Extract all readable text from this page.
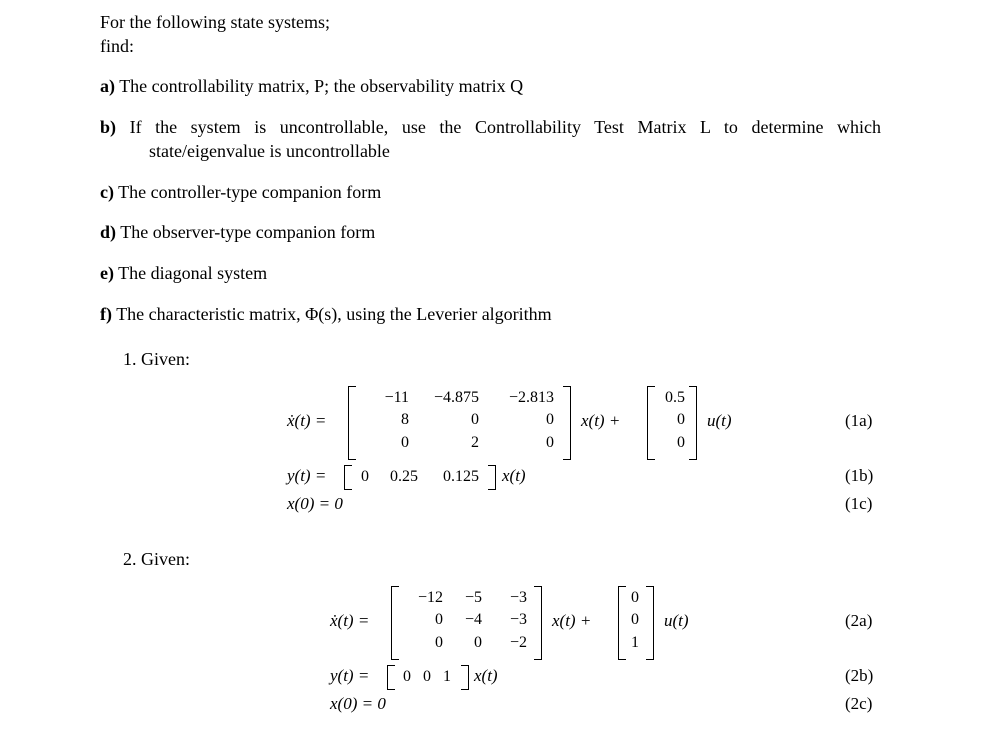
For the following state systems;
find:
a) The controllability matrix, P; the observability matrix Q
b) If the system is uncontrollable, use the Controllability Test Matrix L to determine which
state/eigenvalue is uncontrollable
c) The controller-type companion form
d) The observer-type companion form
e) The diagonal system
f) The characteristic matrix, Φ(s), using the Leverier algorithm
1. Given:
ẋ(t) =
−11	−4.875	−2.813
8	0	0
0	2	0
x(t) +
0.5
0
0
u(t)	(1a)
y(t) =	0	0.25	0.125	x(t)	(1b)
x(0) = 0	(1c)
2. Given:
ẋ(t) =
−12	−5	−3
0	−4	−3
0	0	−2
x(t) +
0
0
1
u(t)	(2a)
y(t) =	0 0 1 x(t)	(2b)
x(0) = 0	(2c)
